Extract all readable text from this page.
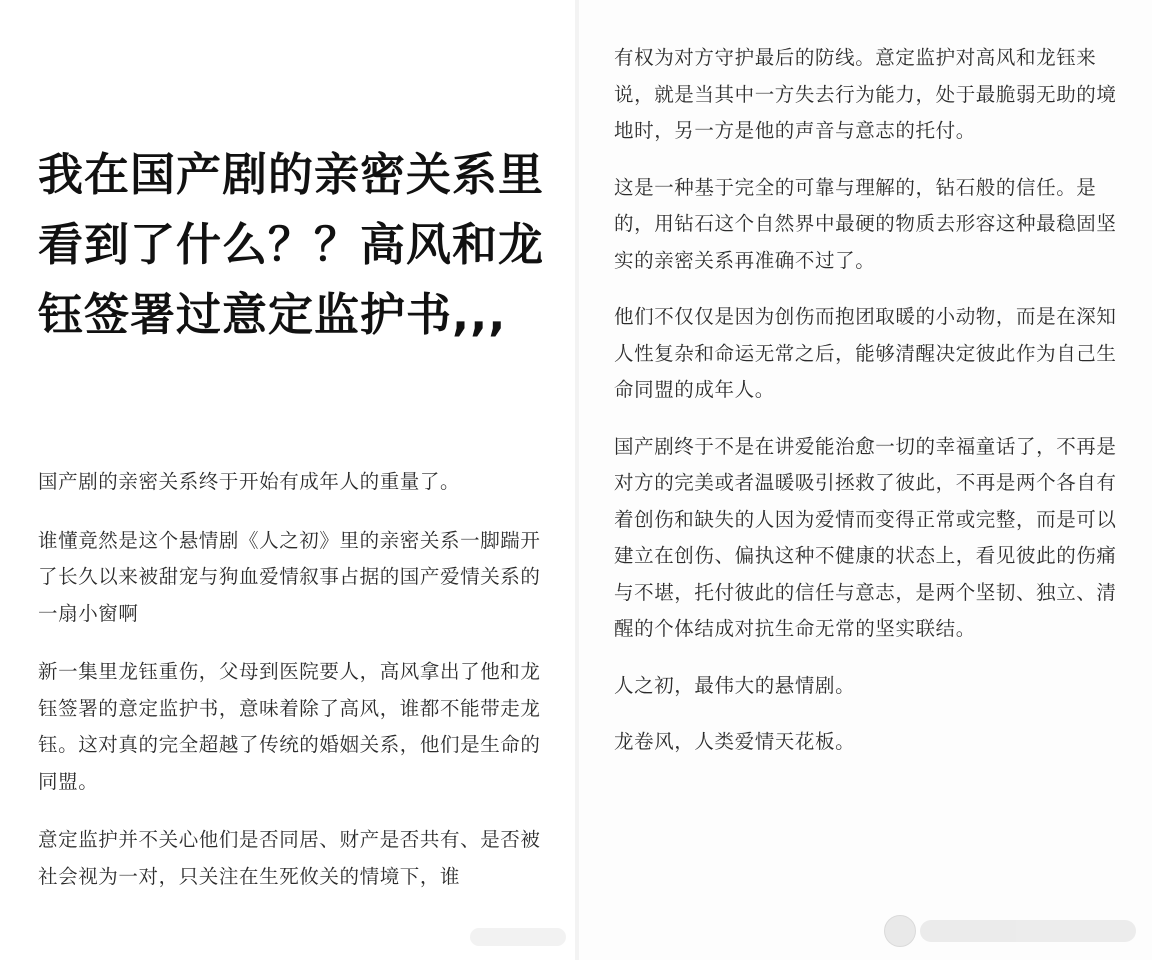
我在国产剧的亲密关系里看到了什么？？高风和龙钰签署过意定监护书,,,

国产剧的亲密关系终于开始有成年人的重量了。

谁懂竟然是这个悬情剧《人之初》里的亲密关系一脚踹开了长久以来被甜宠与狗血爱情叙事占据的国产爱情关系的一扇小窗啊

新一集里龙钰重伤，父母到医院要人，高风拿出了他和龙钰签署的意定监护书，意味着除了高风，谁都不能带走龙钰。这对真的完全超越了传统的婚姻关系，他们是生命的同盟。

意定监护并不关心他们是否同居、财产是否共有、是否被社会视为一对，只关注在生死攸关的情境下，谁

有权为对方守护最后的防线。意定监护对高风和龙钰来说，就是当其中一方失去行为能力，处于最脆弱无助的境地时，另一方是他的声音与意志的托付。

这是一种基于完全的可靠与理解的，钻石般的信任。是的，用钻石这个自然界中最硬的物质去形容这种最稳固坚实的亲密关系再准确不过了。

他们不仅仅是因为创伤而抱团取暖的小动物，而是在深知人性复杂和命运无常之后，能够清醒决定彼此作为自己生命同盟的成年人。

国产剧终于不是在讲爱能治愈一切的幸福童话了，不再是对方的完美或者温暖吸引拯救了彼此，不再是两个各自有着创伤和缺失的人因为爱情而变得正常或完整，而是可以建立在创伤、偏执这种不健康的状态上，看见彼此的伤痛与不堪，托付彼此的信任与意志，是两个坚韧、独立、清醒的个体结成对抗生命无常的坚实联结。

人之初，最伟大的悬情剧。

龙卷风，人类爱情天花板。
